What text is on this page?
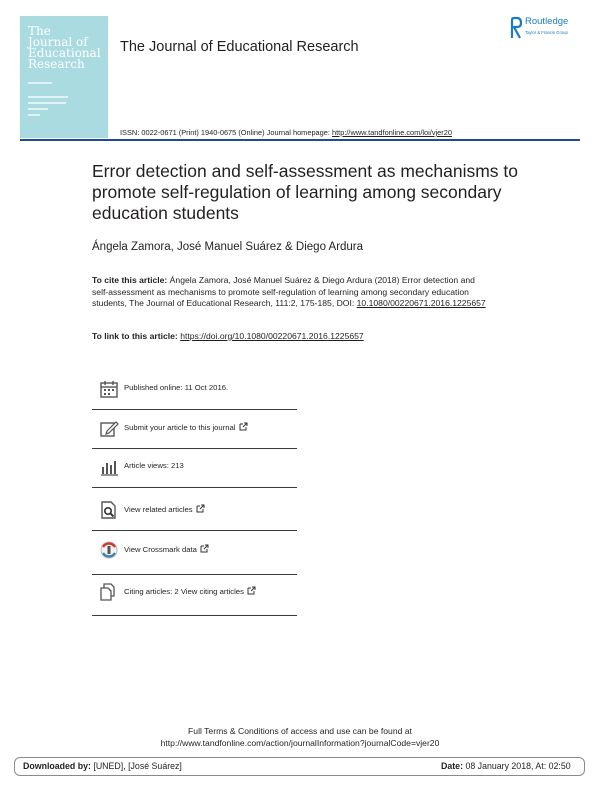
The
Journal of
Educational
Research
The Journal of Educational Research
ISSN: 0022-0671 (Print) 1940-0675 (Online) Journal homepage: http://www.tandfonline.com/loi/vjer20
Routledge
Taylor & Francis Group
Error detection and self-assessment as mechanisms to promote self-regulation of learning among secondary education students
Ángela Zamora, José Manuel Suárez & Diego Ardura
To cite this article: Ángela Zamora, José Manuel Suárez & Diego Ardura (2018) Error detection and self-assessment as mechanisms to promote self-regulation of learning among secondary education students, The Journal of Educational Research, 111:2, 175-185, DOI: 10.1080/00220671.2016.1225657
To link to this article: https://doi.org/10.1080/00220671.2016.1225657
Published online: 11 Oct 2016.
Submit your article to this journal
Article views: 213
View related articles
View Crossmark data
Citing articles: 2 View citing articles
Full Terms & Conditions of access and use can be found at
http://www.tandfonline.com/action/journalInformation?journalCode=vjer20
Downloaded by: [UNED], [José Suárez]	Date: 08 January 2018, At: 02:50
